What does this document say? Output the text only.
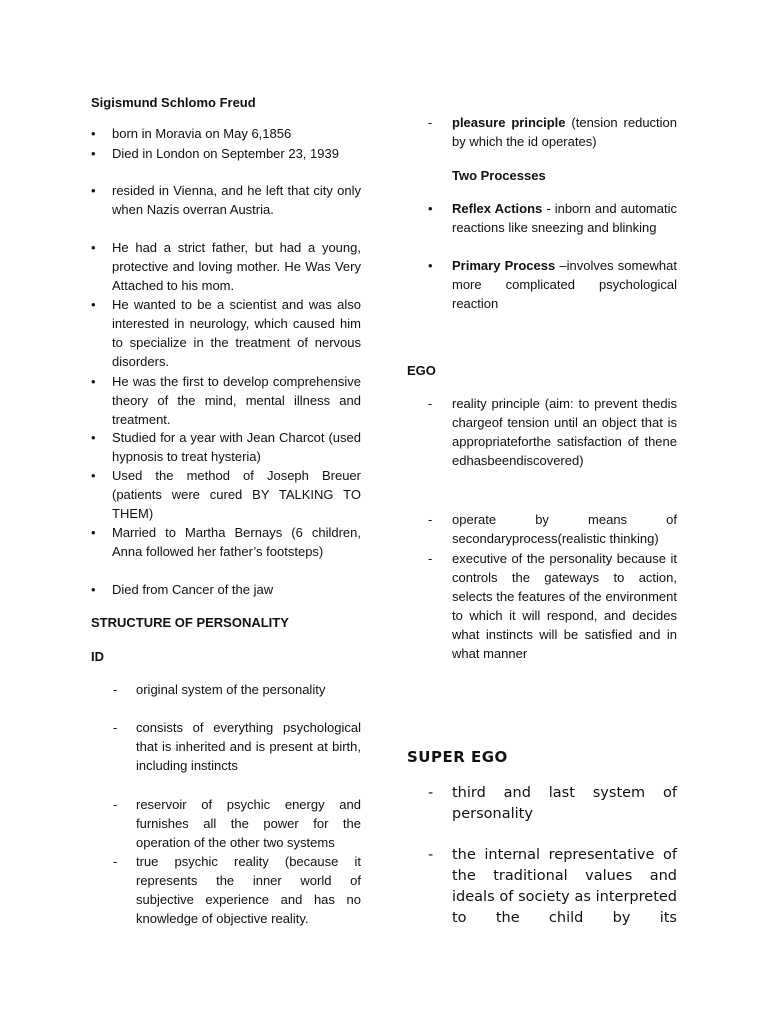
Sigismund Schlomo Freud
• born in Moravia on May 6,1856
• Died in London on September 23, 1939
• resided in Vienna, and he left that city only when Nazis overran Austria.
• He had a strict father, but had a young, protective and loving mother. He Was Very Attached to his mom.
• He wanted to be a scientist and was also interested in neurology, which caused him to specialize in the treatment of nervous disorders.
• He was the first to develop comprehensive theory of the mind, mental illness and treatment.
• Studied for a year with Jean Charcot (used hypnosis to treat hysteria)
• Used the method of Joseph Breuer (patients were cured BY TALKING TO THEM)
• Married to Martha Bernays (6 children, Anna followed her father’s footsteps)
• Died from Cancer of the jaw
STRUCTURE OF PERSONALITY
ID
- original system of the personality
- consists of everything psychological that is inherited and is present at birth, including instincts
- reservoir of psychic energy and furnishes all the power for the operation of the other two systems
- true psychic reality (because it represents the inner world of subjective experience and has no knowledge of objective reality.
- pleasure principle (tension reduction by which the id operates)
Two Processes
• Reflex Actions - inborn and automatic reactions like sneezing and blinking
• Primary Process –involves somewhat more complicated psychological reaction
EGO
- reality principle (aim: to prevent thedischargeof tension until an object that isappropriateforthe satisfaction of theneedhasbeendiscovered)
- operate by means of secondaryprocess(realistic thinking)
- executive of the personality because it controls the gateways to action, selects the features of the environment to which it will respond, and decides what instincts will be satisfied and in what manner
SUPER EGO
- third and last system of personality
- the internal representative of the traditional values and ideals of society as interpreted to the child by its
